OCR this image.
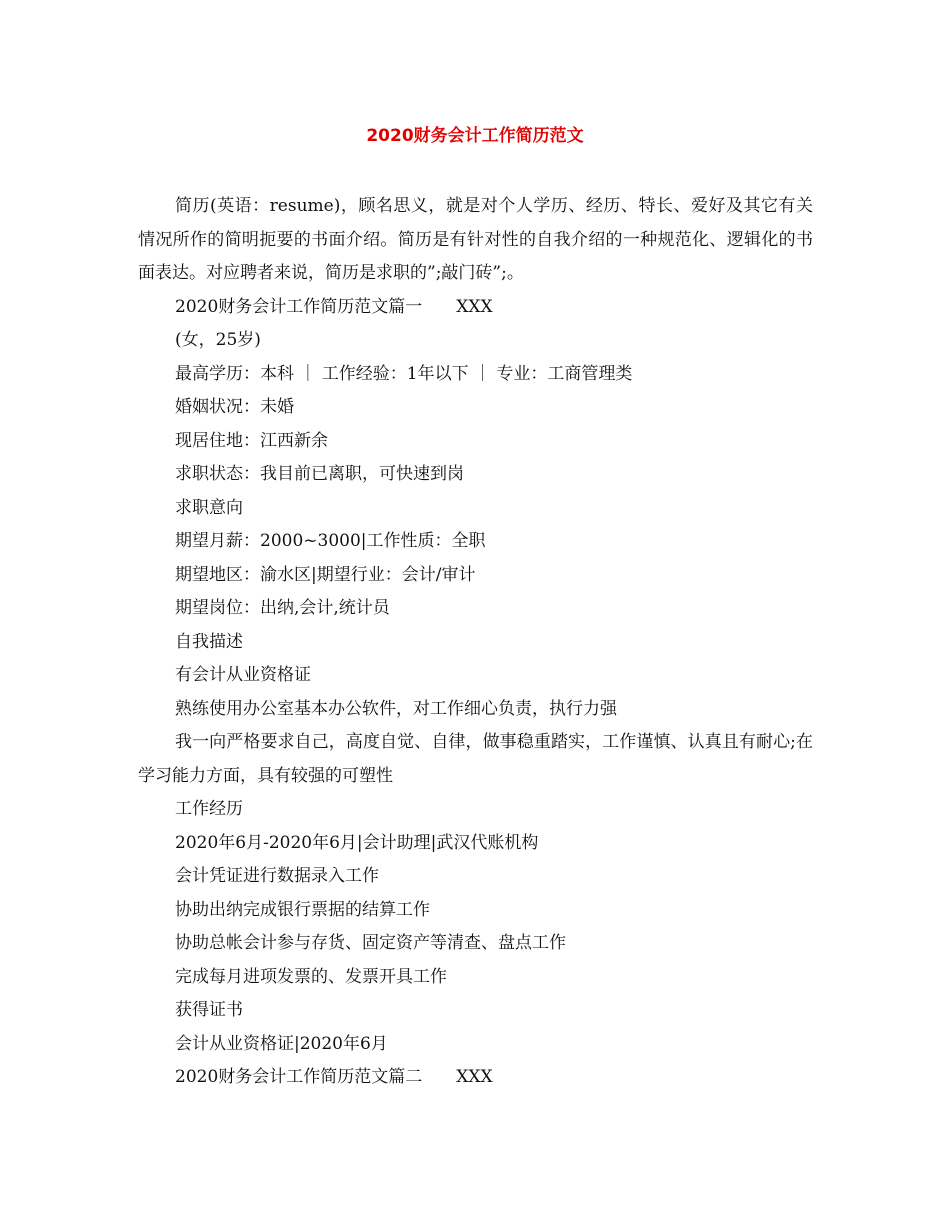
2020财务会计工作简历范文

简历(英语：resume)，顾名思义，就是对个人学历、经历、特长、爱好及其它有关情况所作的简明扼要的书面介绍。简历是有针对性的自我介绍的一种规范化、逻辑化的书面表达。对应聘者来说，简历是求职的”;敲门砖”;。

2020财务会计工作简历范文篇一　　XXX

(女，25岁)

最高学历：本科 ｜ 工作经验：1年以下 ｜ 专业：工商管理类

婚姻状况：未婚

现居住地：江西新余

求职状态：我目前已离职，可快速到岗

求职意向

期望月薪：2000~3000|工作性质：全职

期望地区：渝水区|期望行业：会计/审计

期望岗位：出纳,会计,统计员

自我描述

有会计从业资格证

熟练使用办公室基本办公软件，对工作细心负责，执行力强

我一向严格要求自己，高度自觉、自律，做事稳重踏实，工作谨慎、认真且有耐心;在学习能力方面，具有较强的可塑性

工作经历

2020年6月-2020年6月|会计助理|武汉代账机构

会计凭证进行数据录入工作

协助出纳完成银行票据的结算工作

协助总帐会计参与存货、固定资产等清查、盘点工作

完成每月进项发票的、发票开具工作

获得证书

会计从业资格证|2020年6月

2020财务会计工作简历范文篇二　　XXX
